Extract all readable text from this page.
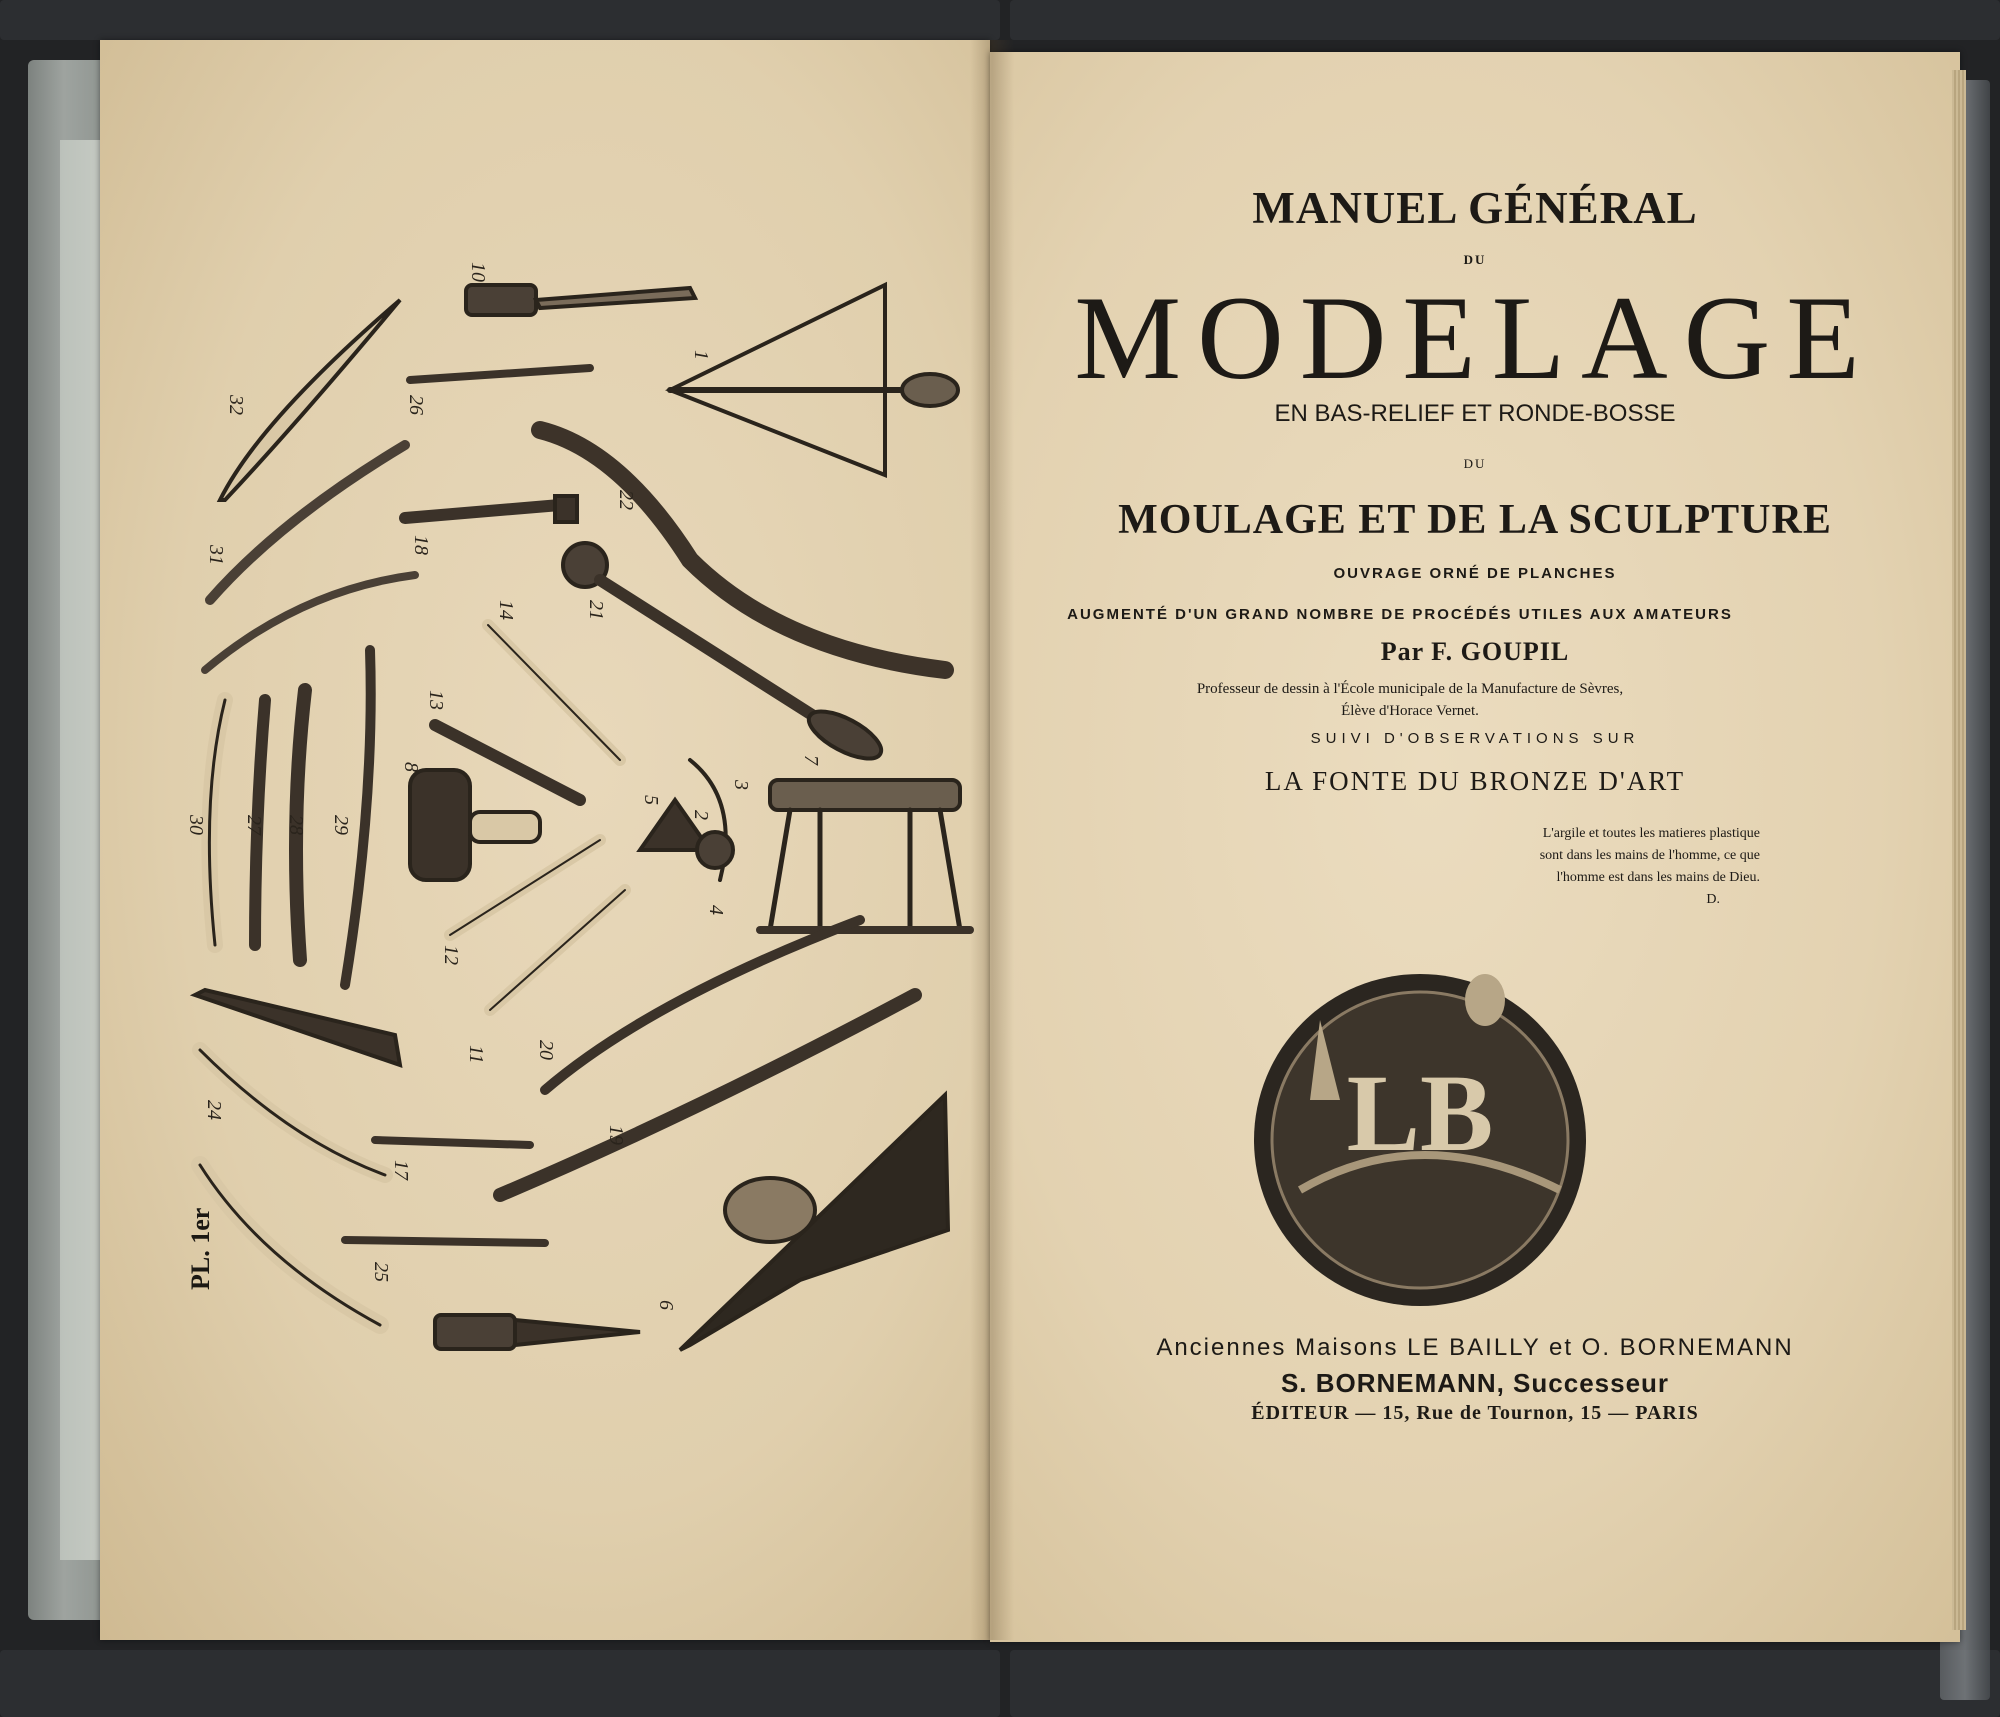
10
1
32	26
22
31	18
21
14
13
8
30 27 28 29	2
3
5
4
7
12
11 20
24
17
19
25
6
LB
PL. 1er

MANUEL GÉNÉRAL

DU

MODELAGE

EN BAS-RELIEF ET RONDE-BOSSE

DU

MOULAGE ET DE LA SCULPTURE

OUVRAGE ORNÉ DE PLANCHES

AUGMENTÉ D'UN GRAND NOMBRE DE PROCÉDÉS UTILES AUX AMATEURS

Par F. GOUPIL

Professeur de dessin à l'École municipale de la Manufacture de Sèvres,
Élève d'Horace Vernet.

SUIVI D'OBSERVATIONS SUR

LA FONTE DU BRONZE D'ART

L'argile et toutes les matieres plastique
sont dans les mains de l'homme, ce que
l'homme est dans les mains de Dieu.
D.

Anciennes Maisons LE BAILLY et O. BORNEMANN

S. BORNEMANN, Successeur

ÉDITEUR — 15, Rue de Tournon, 15 — PARIS
